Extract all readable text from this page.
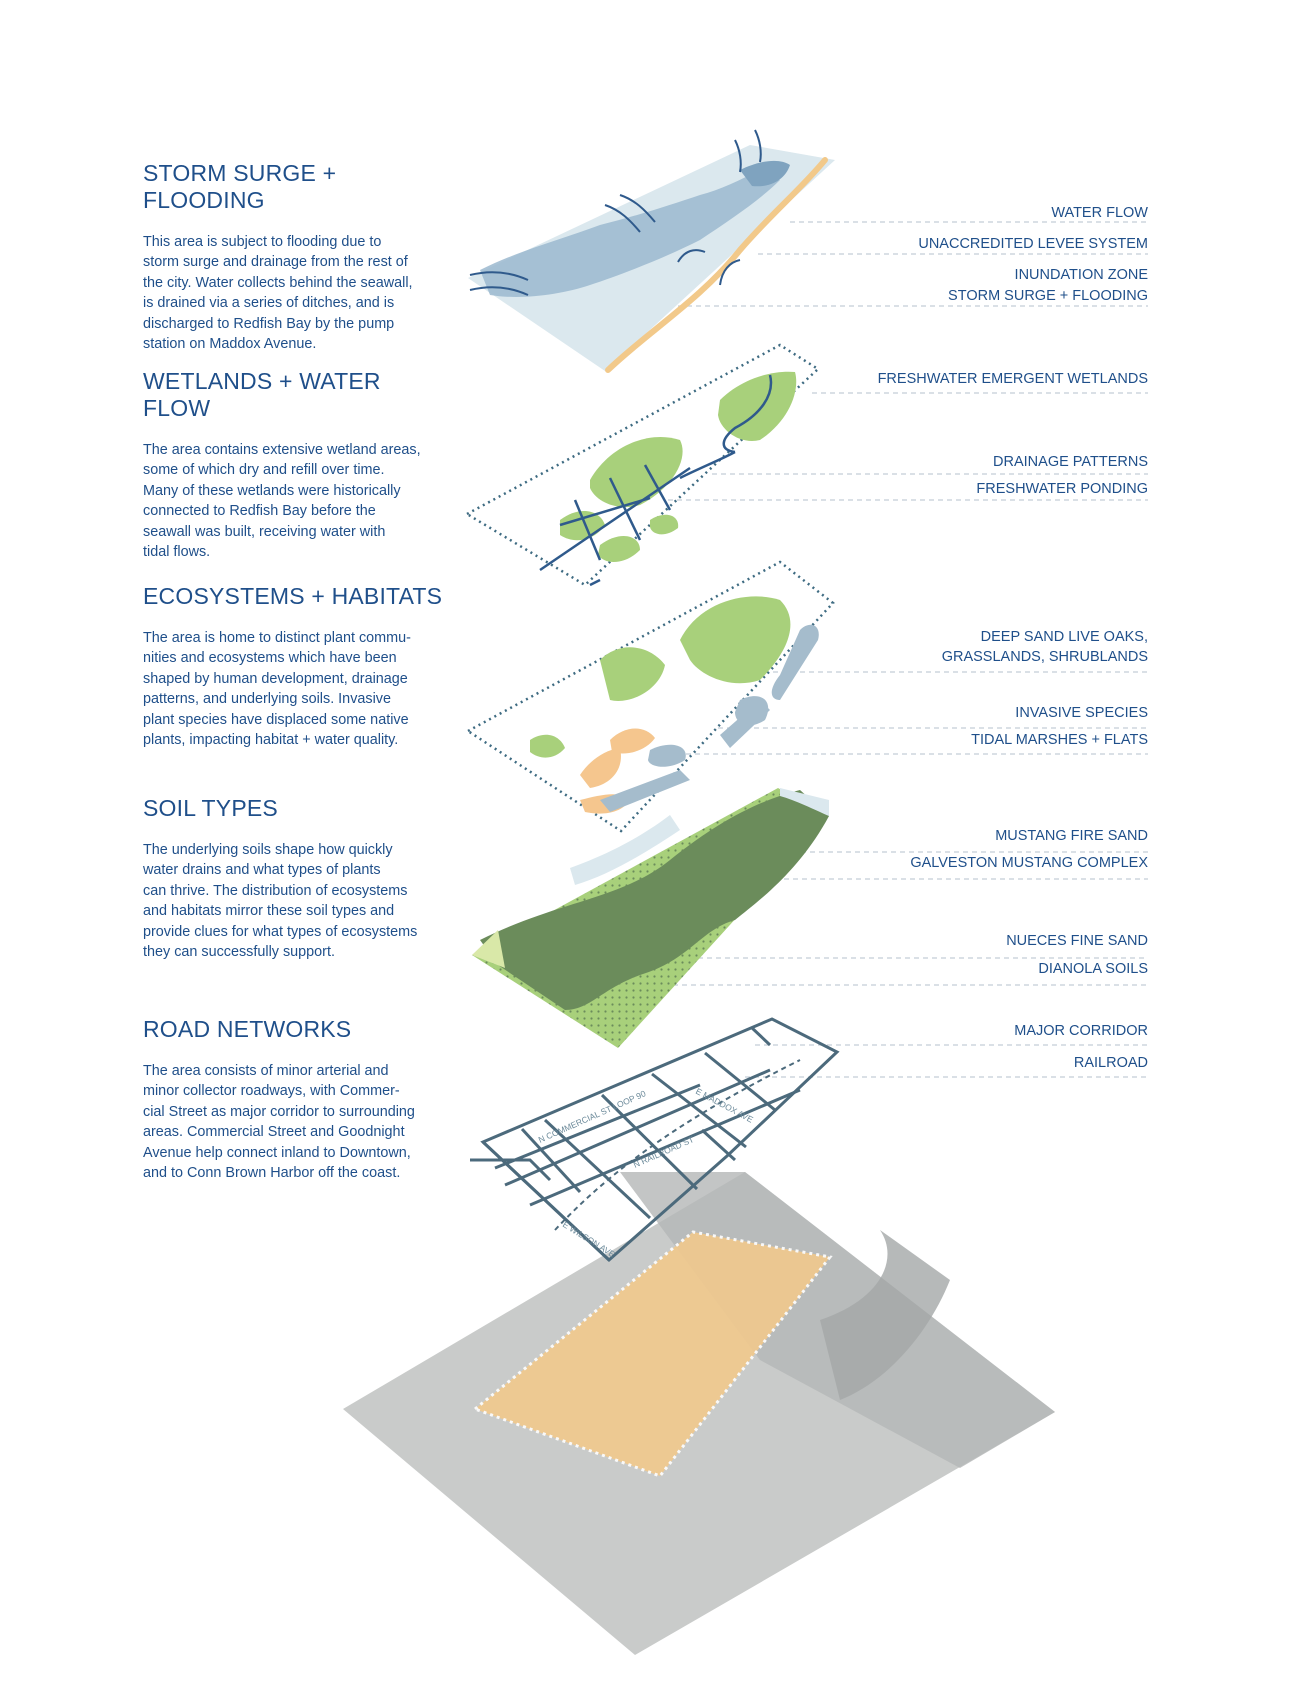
N COMMERCIAL ST LOOP 90	E MADDOX AVE
N RAILROAD ST
E WILSON AVE
STORM SURGE + FLOODING

This area is subject to flooding due to
storm surge and drainage from the rest of
the city. Water collects behind the seawall,
is drained via a series of ditches, and is
discharged to Redfish Bay by the pump
station on Maddox Avenue.

WETLANDS + WATER FLOW

The area contains extensive wetland areas,
some of which dry and refill over time.
Many of these wetlands were historically
connected to Redfish Bay before the
seawall was built, receiving water with
tidal flows.

ECOSYSTEMS + HABITATS

The area is home to distinct plant commu-
nities and ecosystems which have been
shaped by human development, drainage
patterns, and underlying soils. Invasive
plant species have displaced some native
plants, impacting habitat + water quality.

SOIL TYPES

The underlying soils shape how quickly
water drains and what types of plants
can thrive. The distribution of ecosystems
and habitats mirror these soil types and
provide clues for what types of ecosystems
they can successfully support.

ROAD NETWORKS

The area consists of minor arterial and
minor collector roadways, with Commer-
cial Street as major corridor to surrounding
areas. Commercial Street and Goodnight
Avenue help connect inland to Downtown,
and to Conn Brown Harbor off the coast.

WATER FLOW
UNACCREDITED LEVEE SYSTEM
INUNDATION ZONE
STORM SURGE + FLOODING
FRESHWATER EMERGENT WETLANDS
DRAINAGE PATTERNS
FRESHWATER PONDING
DEEP SAND LIVE OAKS,
GRASSLANDS, SHRUBLANDS
INVASIVE SPECIES
TIDAL MARSHES + FLATS
MUSTANG FIRE SAND
GALVESTON MUSTANG COMPLEX
NUECES FINE SAND
DIANOLA SOILS
MAJOR CORRIDOR
RAILROAD
